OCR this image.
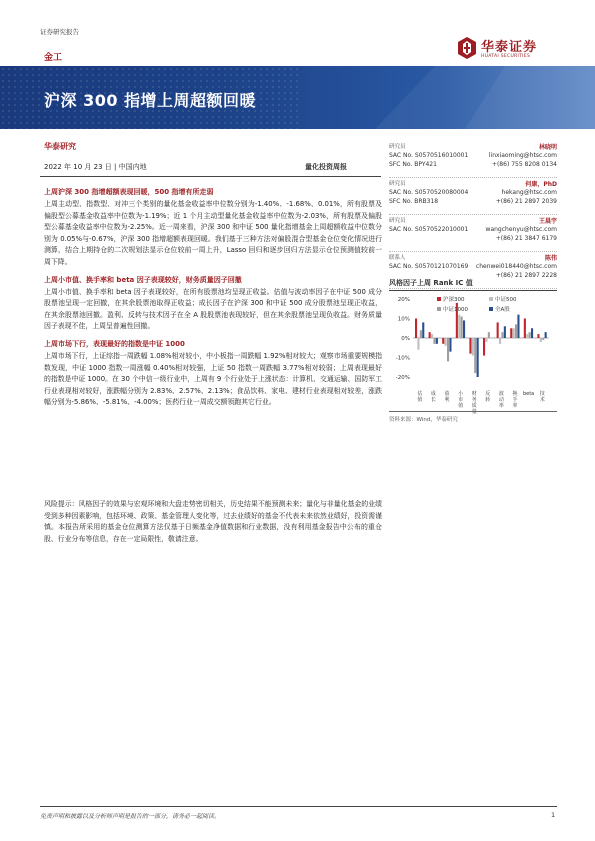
证券研究报告
金工
华泰证券
HUATAI SECURITIES
沪深 300 指增上周超额回暖
华泰研究
2022 年 10 月 23 日 | 中国内地	量化投资周报
上周沪深 300 指增超额表现回暖，500 指增有所走弱
上周主动型、指数型、对冲三个类别的量化基金收益率中位数分别为-1.40%、-1.68%、0.01%，所有股票及偏股型公募基金收益率中位数为-1.19%；近 1 个月主动型量化基金收益率中位数为-2.03%，所有股票及偏股型公募基金收益率中位数为-2.25%。近一周来看，沪深 300 和中证 500 量化指增基金上周超额收益中位数分别为 0.05%与-0.67%，沪深 300 指增超额表现回暖。我们基于三种方法对偏股混合型基金仓位变化情况进行测算，结合上期持仓的二次规划法显示仓位较前一周上升，Lasso 回归和逐步回归方法显示仓位预测值较前一周下降。
上周小市值、换手率和 beta 因子表现较好，财务质量因子回撤
上周小市值、换手率和 beta 因子表现较好，在所有股票池均呈现正收益。估值与波动率因子在中证 500 成分股票池呈现一定回撤，在其余股票池取得正收益；成长因子在沪深 300 和中证 500 成分股票池呈现正收益，在其余股票池回撤。盈利、反转与技术因子在全 A 股股票池表现较好，但在其余股票池呈现负收益。财务质量因子表现不佳，上周呈普遍性回撤。
上周市场下行，表现最好的指数是中证 1000
上周市场下行，上证综指一周跌幅 1.08%相对较小，中小板指一周跌幅 1.92%相对较大；观察市场重要规模指数发现，中证 1000 指数一周涨幅 0.40%相对较强，上证 50 指数一周跌幅 3.77%相对较弱；上周表现最好的指数是中证 1000。在 30 个中信一级行业中，上周有 9 个行业处于上涨状态：计算机、交通运输、国防军工行业表现相对较好，涨跌幅分别为 2.83%、2.57%、2.13%；食品饮料、家电、建材行业表现相对较差，涨跌幅分别为-5.86%、-5.81%、-4.00%；医药行业一周成交额领跑其它行业。
风险提示：风格因子的效果与宏观环境和大盘走势密切相关，历史结果不能预测未来；量化与非量化基金的业绩受到多种因素影响，包括环境、政策、基金管理人变化等，过去业绩好的基金不代表未来依然业绩好，投资需谨慎。本报告所采用的基金仓位测算方法仅基于日频基金净值数据和行业数据，没有利用基金报告中公布的重仓股、行业分布等信息，存在一定局限性，敬请注意。
研究员	林晓明
SAC No. S0570516010001	linxiaoming@htsc.com
SFC No. BPY421	+(86) 755 8208 0134
研究员	何康，PhD
SAC No. S0570520080004	hekang@htsc.com
SFC No. BRB318	+(86) 21 2897 2039
研究员	王晨宇
SAC No. S0570522010001	wangchenyu@htsc.com
+(86) 21 3847 6179
联系人	陈伟
SAC No. S0570121070169 chenwei018440@htsc.com
+(86) 21 2897 2228
风格因子上周 Rank IC 值
20%
10%
0%
-10%
-20%
估值
成长
盈利
小市值
财务质量
反转
波动率
换手率
beta 技术
沪深300	中证500
中证1000	全A股
资料来源：Wind，华泰研究
免责声明和披露以及分析师声明是报告的一部分，请务必一起阅读。	1
